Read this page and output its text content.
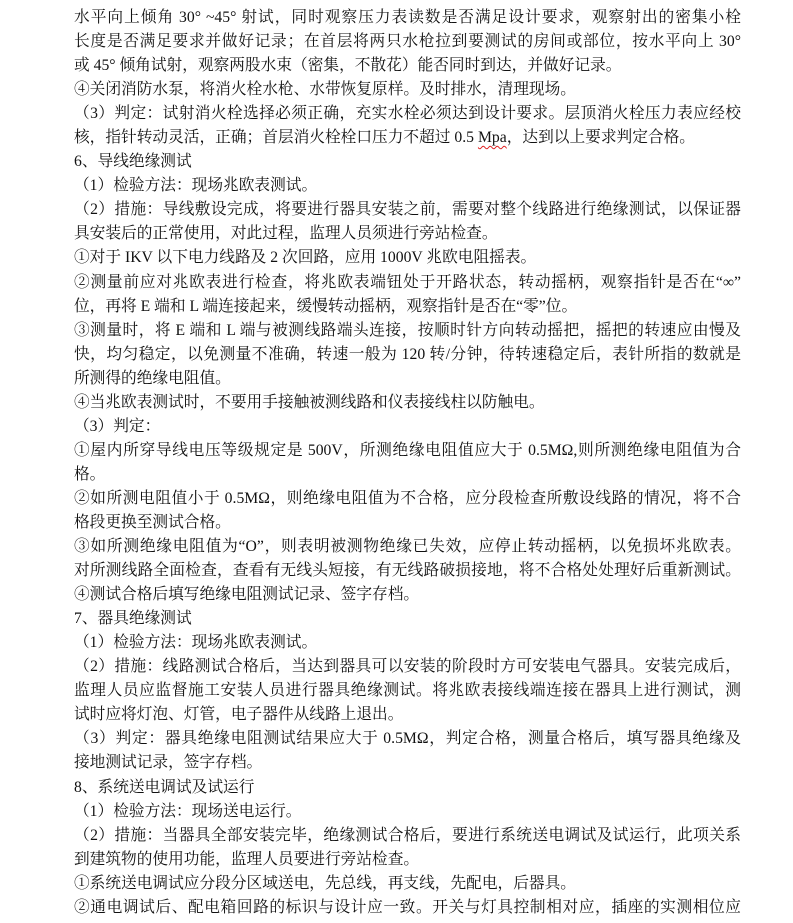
水平向上倾角 30° ~45° 射试，同时观察压力表读数是否满足设计要求，观察射出的密集小栓
长度是否满足要求并做好记录；在首层将两只水枪拉到要测试的房间或部位，按水平向上 30°
或 45° 倾角试射，观察两股水束（密集，不散花）能否同时到达，并做好记录。
④关闭消防水泵，将消火栓水枪、水带恢复原样。及时排水，清理现场。
（3）判定：试射消火栓选择必须正确，充实水栓必须达到设计要求。层顶消火栓压力表应经校
核，指针转动灵活，正确；首层消火栓栓口压力不超过 0.5 Mpa，达到以上要求判定合格。
6、导线绝缘测试
（1）检验方法：现场兆欧表测试。
（2）措施：导线敷设完成，将要进行器具安装之前，需要对整个线路进行绝缘测试，以保证器
具安装后的正常使用，对此过程，监理人员须进行旁站检查。
①对于 IKV 以下电力线路及 2 次回路，应用 1000V 兆欧电阻摇表。
②测量前应对兆欧表进行检查，将兆欧表端钮处于开路状态，转动摇柄，观察指针是否在“∞”
位，再将 E 端和 L 端连接起来，缓慢转动摇柄，观察指针是否在“零”位。
③测量时，将 E 端和 L 端与被测线路端头连接，按顺时针方向转动摇把，摇把的转速应由慢及
快，均匀稳定，以免测量不准确，转速一般为 120 转/分钟，待转速稳定后，表针所指的数就是
所测得的绝缘电阻值。
④当兆欧表测试时，不要用手接触被测线路和仪表接线柱以防触电。
（3）判定：
①屋内所穿导线电压等级规定是 500V，所测绝缘电阻值应大于 0.5MΩ,则所测绝缘电阻值为合
格。
②如所测电阻值小于 0.5MΩ，则绝缘电阻值为不合格，应分段检查所敷设线路的情况，将不合
格段更换至测试合格。
③如所测绝缘电阻值为“O”，则表明被测物绝缘已失效，应停止转动摇柄，以免损坏兆欧表。
对所测线路全面检查，查看有无线头短接，有无线路破损接地，将不合格处处理好后重新测试。
④测试合格后填写绝缘电阻测试记录、签字存档。
7、器具绝缘测试
（1）检验方法：现场兆欧表测试。
（2）措施：线路测试合格后，当达到器具可以安装的阶段时方可安装电气器具。安装完成后，
监理人员应监督施工安装人员进行器具绝缘测试。将兆欧表接线端连接在器具上进行测试，测
试时应将灯泡、灯管，电子器件从线路上退出。
（3）判定：器具绝缘电阻测试结果应大于 0.5MΩ，判定合格，测量合格后，填写器具绝缘及
接地测试记录，签字存档。
8、系统送电调试及试运行
（1）检验方法：现场送电运行。
（2）措施：当器具全部安装完毕，绝缘测试合格后，要进行系统送电调试及试运行，此项关系
到建筑物的使用功能，监理人员要进行旁站检查。
①系统送电调试应分段分区域送电，先总线，再支线，先配电，后器具。
②通电调试后、配电箱回路的标识与设计应一致。开关与灯具控制相对应，插座的实测相位应
